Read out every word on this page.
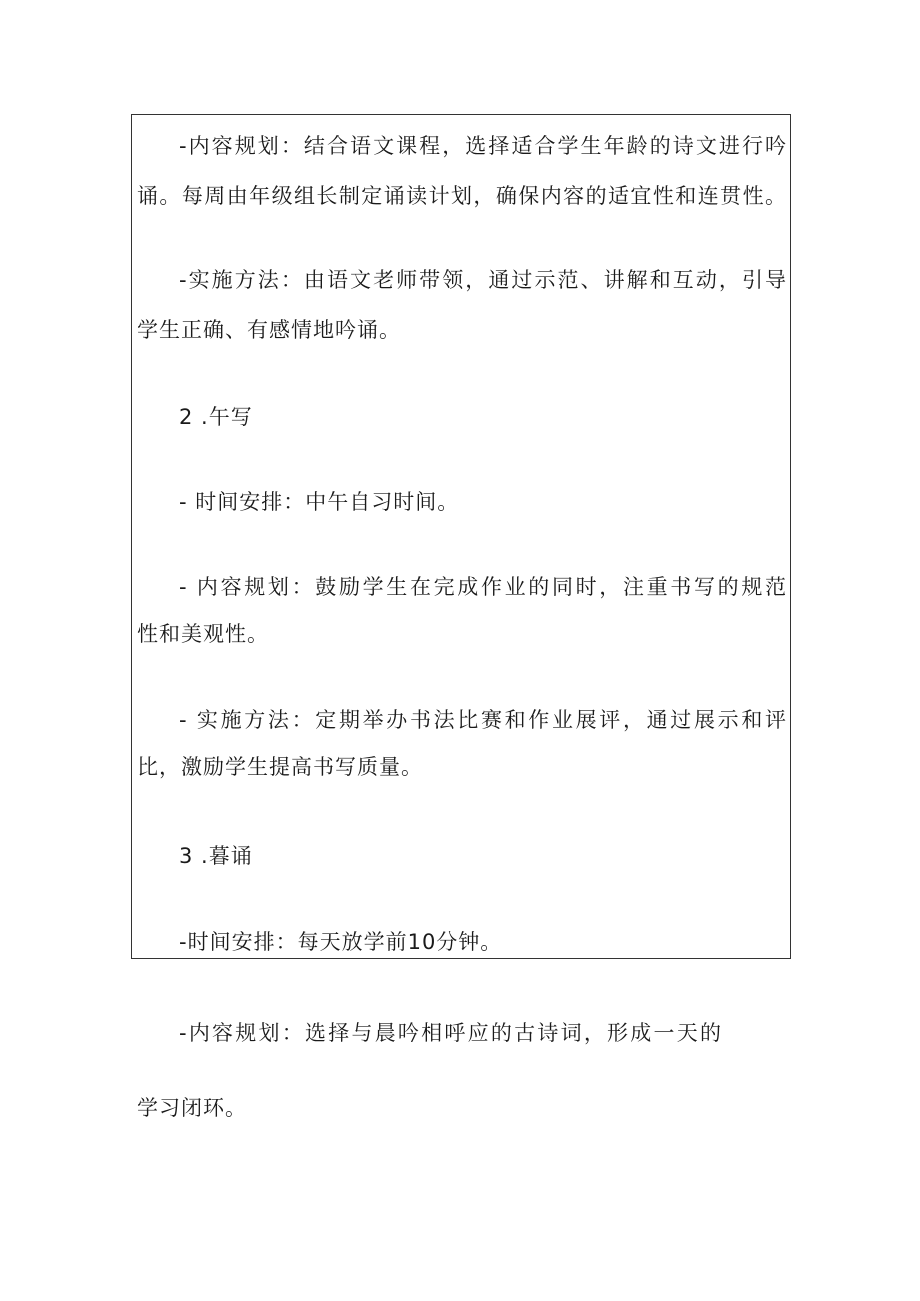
-内容规划：结合语文课程，选择适合学生年龄的诗文进行吟
诵。每周由年级组长制定诵读计划，确保内容的适宜性和连贯性。
-实施方法：由语文老师带领，通过示范、讲解和互动，引导
学生正确、有感情地吟诵。
2 .午写
- 时间安排：中午自习时间。
- 内容规划：鼓励学生在完成作业的同时，注重书写的规范
性和美观性。
- 实施方法：定期举办书法比赛和作业展评，通过展示和评
比，激励学生提高书写质量。
3 .暮诵
-时间安排：每天放学前10分钟。
-内容规划：选择与晨吟相呼应的古诗词，形成一天的
学习闭环。
